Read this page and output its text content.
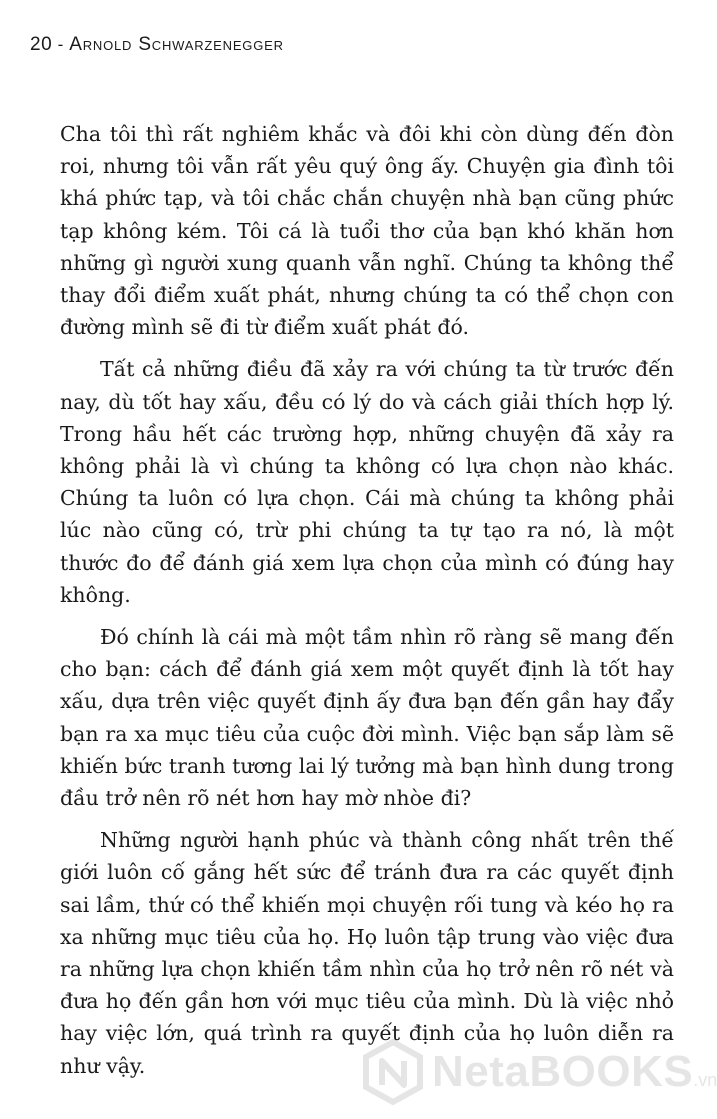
20 - Arnold Schwarzenegger

Cha tôi thì rất nghiêm khắc và đôi khi còn dùng đến đòn roi, nhưng tôi vẫn rất yêu quý ông ấy. Chuyện gia đình tôi khá phức tạp, và tôi chắc chắn chuyện nhà bạn cũng phức tạp không kém. Tôi cá là tuổi thơ của bạn khó khăn hơn những gì người xung quanh vẫn nghĩ. Chúng ta không thể thay đổi điểm xuất phát, nhưng chúng ta có thể chọn con đường mình sẽ đi từ điểm xuất phát đó.

Tất cả những điều đã xảy ra với chúng ta từ trước đến nay, dù tốt hay xấu, đều có lý do và cách giải thích hợp lý. Trong hầu hết các trường hợp, những chuyện đã xảy ra không phải là vì chúng ta không có lựa chọn nào khác. Chúng ta luôn có lựa chọn. Cái mà chúng ta không phải lúc nào cũng có, trừ phi chúng ta tự tạo ra nó, là một thước đo để đánh giá xem lựa chọn của mình có đúng hay không.

Đó chính là cái mà một tầm nhìn rõ ràng sẽ mang đến cho bạn: cách để đánh giá xem một quyết định là tốt hay xấu, dựa trên việc quyết định ấy đưa bạn đến gần hay đẩy bạn ra xa mục tiêu của cuộc đời mình. Việc bạn sắp làm sẽ khiến bức tranh tương lai lý tưởng mà bạn hình dung trong đầu trở nên rõ nét hơn hay mờ nhòe đi?

Những người hạnh phúc và thành công nhất trên thế giới luôn cố gắng hết sức để tránh đưa ra các quyết định sai lầm, thứ có thể khiến mọi chuyện rối tung và kéo họ ra xa những mục tiêu của họ. Họ luôn tập trung vào việc đưa ra những lựa chọn khiến tầm nhìn của họ trở nên rõ nét và đưa họ đến gần hơn với mục tiêu của mình. Dù là việc nhỏ hay việc lớn, quá trình ra quyết định của họ luôn diễn ra như vậy.	NetaBOOKS.vn
